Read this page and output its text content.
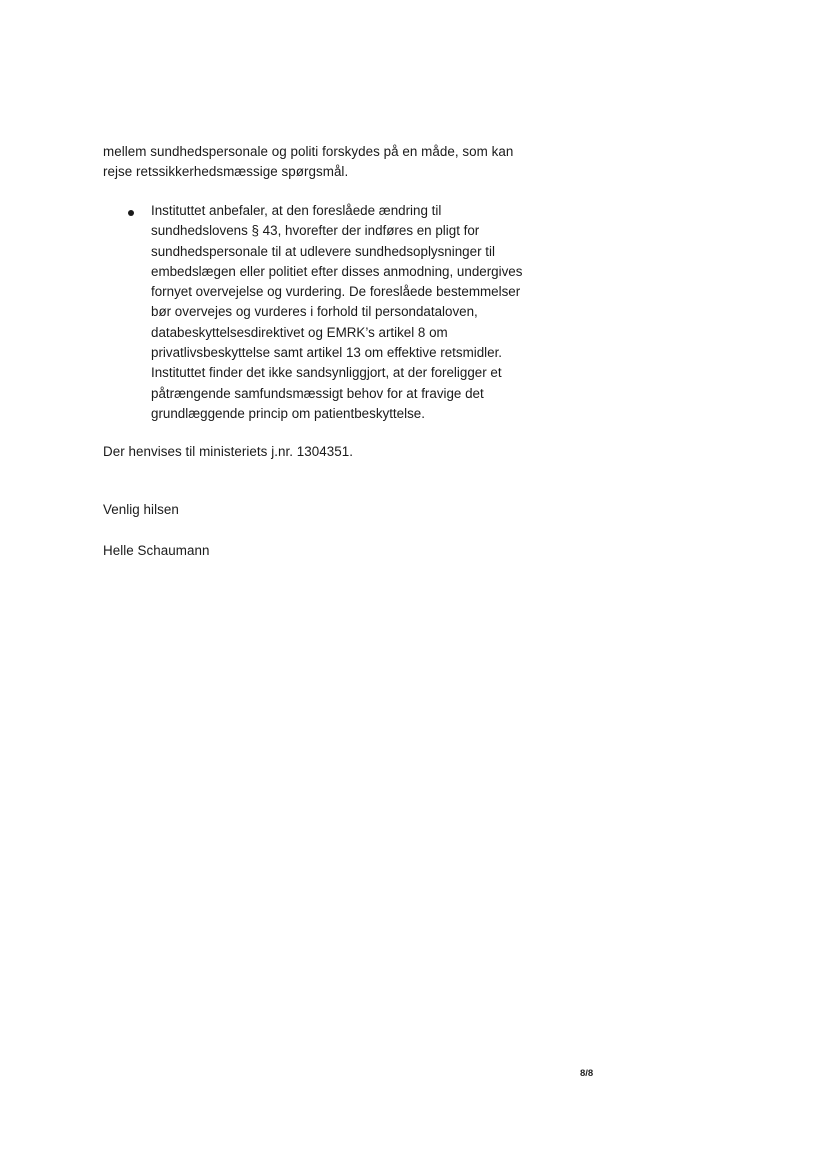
mellem sundhedspersonale og politi forskydes på en måde, som kan
rejse retssikkerhedsmæssige spørgsmål.
Instituttet anbefaler, at den foreslåede ændring til
sundhedslovens § 43, hvorefter der indføres en pligt for
sundhedspersonale til at udlevere sundhedsoplysninger til
embedslægen eller politiet efter disses anmodning, undergives
fornyet overvejelse og vurdering. De foreslåede bestemmelser
bør overvejes og vurderes i forhold til persondataloven,
databeskyttelsesdirektivet og EMRK’s artikel 8 om
privatlivsbeskyttelse samt artikel 13 om effektive retsmidler.
Instituttet finder det ikke sandsynliggjort, at der foreligger et
påtrængende samfundsmæssigt behov for at fravige det
grundlæggende princip om patientbeskyttelse.
Der henvises til ministeriets j.nr. 1304351.
Venlig hilsen
Helle Schaumann
8/8
